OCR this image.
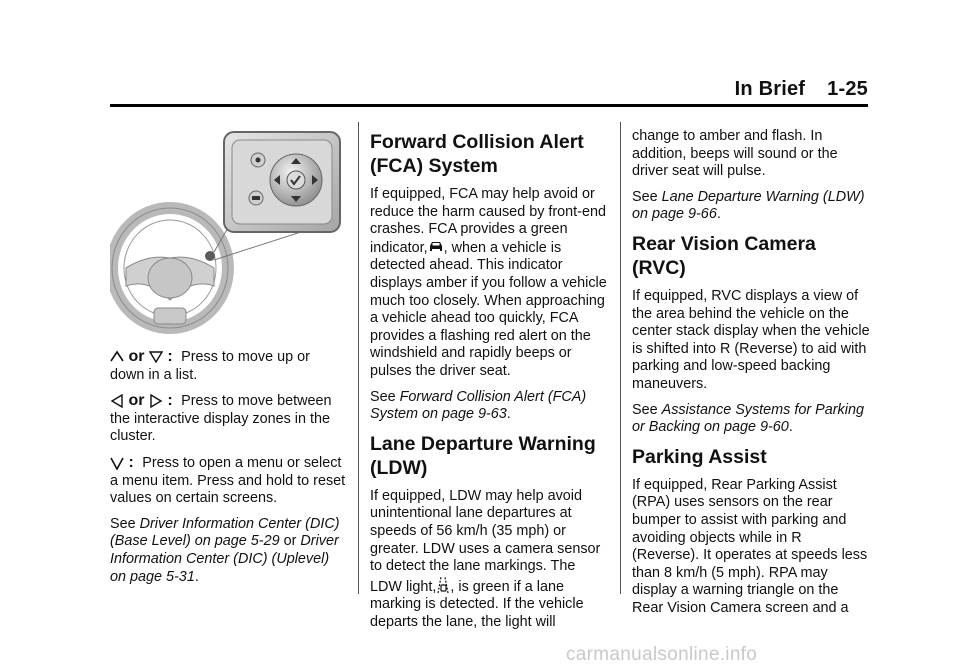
In Brief 1-25

or  : Press to move up or down in a list.

or  : Press to move between the interactive display zones in the cluster.

: Press to open a menu or select a menu item. Press and hold to reset values on certain screens.

See Driver Information Center (DIC) (Base Level) on page 5-29 or Driver Information Center (DIC) (Uplevel) on page 5-31.

Forward Collision Alert (FCA) System

If equipped, FCA may help avoid or reduce the harm caused by front-end crashes. FCA provides a green indicator, , when a vehicle is detected ahead. This indicator displays amber if you follow a vehicle much too closely. When approaching a vehicle ahead too quickly, FCA provides a flashing red alert on the windshield and rapidly beeps or pulses the driver seat.

See Forward Collision Alert (FCA) System on page 9-63.

Lane Departure Warning (LDW)

If equipped, LDW may help avoid unintentional lane departures at speeds of 56 km/h (35 mph) or greater. LDW uses a camera sensor to detect the lane markings. The LDW light, , is green if a lane marking is detected. If the vehicle departs the lane, the light will

change to amber and flash. In addition, beeps will sound or the driver seat will pulse.

See Lane Departure Warning (LDW) on page 9-66.

Rear Vision Camera (RVC)

If equipped, RVC displays a view of the area behind the vehicle on the center stack display when the vehicle is shifted into R (Reverse) to aid with parking and low-speed backing maneuvers.

See Assistance Systems for Parking or Backing on page 9-60.

Parking Assist

If equipped, Rear Parking Assist (RPA) uses sensors on the rear bumper to assist with parking and avoiding objects while in R (Reverse). It operates at speeds less than 8 km/h (5 mph). RPA may display a warning triangle on the Rear Vision Camera screen and a

carmanualsonline.info
